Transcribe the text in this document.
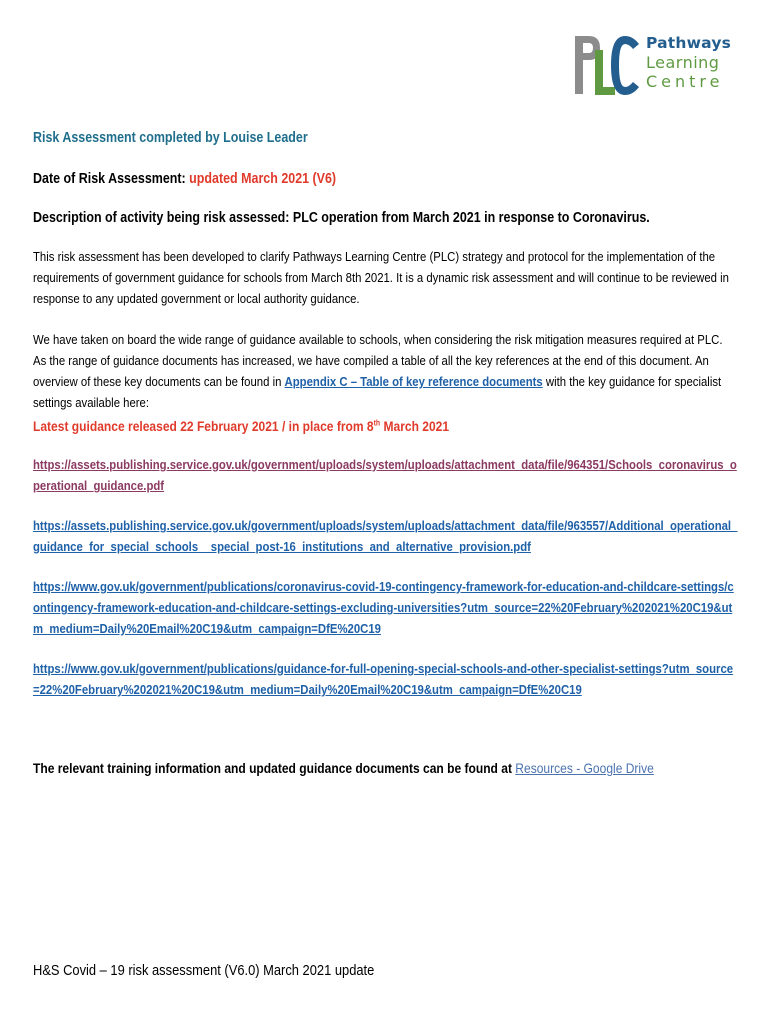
Pathways
Learning
Centre
Risk Assessment completed by Louise Leader
Date of Risk Assessment: updated March 2021 (V6)
Description of activity being risk assessed: PLC operation from March 2021 in response to Coronavirus.

This risk assessment has been developed to clarify Pathways Learning Centre (PLC) strategy and protocol for the implementation of the requirements of government guidance for schools from March 8th 2021. It is a dynamic risk assessment and will continue to be reviewed in response to any updated government or local authority guidance.

We have taken on board the wide range of guidance available to schools, when considering the risk mitigation measures required at PLC. As the range of guidance documents has increased, we have compiled a table of all the key references at the end of this document. An overview of these key documents can be found in Appendix C – Table of key reference documents with the key guidance for specialist settings available here:

Latest guidance released 22 February 2021 / in place from 8th March 2021
https://assets.publishing.service.gov.uk/government/uploads/system/uploads/attachment_data/file/964351/Schools_coronavirus_operational_guidance.pdf
https://assets.publishing.service.gov.uk/government/uploads/system/uploads/attachment_data/file/963557/Additional_operational_guidance_for_special_schools__special_post-16_institutions_and_alternative_provision.pdf
https://www.gov.uk/government/publications/coronavirus-covid-19-contingency-framework-for-education-and-childcare-settings/contingency-framework-education-and-childcare-settings-excluding-universities?utm_source=22%20February%202021%20C19&utm_medium=Daily%20Email%20C19&utm_campaign=DfE%20C19
https://www.gov.uk/government/publications/guidance-for-full-opening-special-schools-and-other-specialist-settings?utm_source=22%20February%202021%20C19&utm_medium=Daily%20Email%20C19&utm_campaign=DfE%20C19
The relevant training information and updated guidance documents can be found at Resources - Google Drive
H&S Covid – 19 risk assessment (V6.0) March 2021 update
